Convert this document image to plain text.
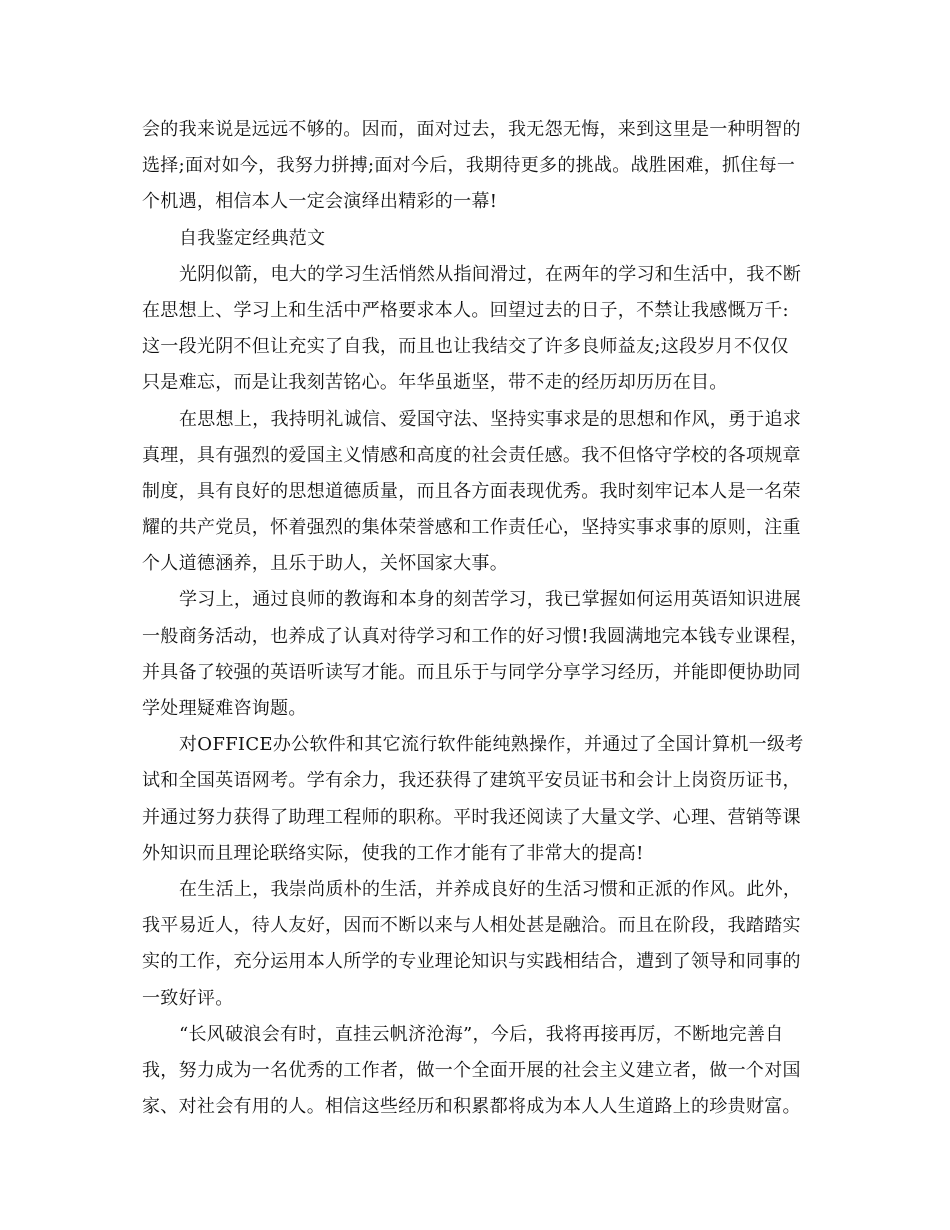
会的我来说是远远不够的。因而，面对过去，我无怨无悔，来到这里是一种明智的
选择;面对如今，我努力拼搏;面对今后，我期待更多的挑战。战胜困难，抓住每一
个机遇，相信本人一定会演绎出精彩的一幕!
自我鉴定经典范文
光阴似箭，电大的学习生活悄然从指间滑过，在两年的学习和生活中，我不断
在思想上、学习上和生活中严格要求本人。回望过去的日子，不禁让我感慨万千:
这一段光阴不但让充实了自我，而且也让我结交了许多良师益友;这段岁月不仅仅
只是难忘，而是让我刻苦铭心。年华虽逝坚，带不走的经历却历历在目。
在思想上，我持明礼诚信、爱国守法、坚持实事求是的思想和作风，勇于追求
真理，具有强烈的爱国主义情感和高度的社会责任感。我不但恪守学校的各项规章
制度，具有良好的思想道德质量，而且各方面表现优秀。我时刻牢记本人是一名荣
耀的共产党员，怀着强烈的集体荣誉感和工作责任心，坚持实事求事的原则，注重
个人道德涵养，且乐于助人，关怀国家大事。
学习上，通过良师的教诲和本身的刻苦学习，我已掌握如何运用英语知识进展
一般商务活动，也养成了认真对待学习和工作的好习惯!我圆满地完本钱专业课程，
并具备了较强的英语听读写才能。而且乐于与同学分享学习经历，并能即便协助同
学处理疑难咨询题。
对OFFICE办公软件和其它流行软件能纯熟操作，并通过了全国计算机一级考
试和全国英语网考。学有余力，我还获得了建筑平安员证书和会计上岗资历证书，
并通过努力获得了助理工程师的职称。平时我还阅读了大量文学、心理、营销等课
外知识而且理论联络实际，使我的工作才能有了非常大的提高!
在生活上，我崇尚质朴的生活，并养成良好的生活习惯和正派的作风。此外，
我平易近人，待人友好，因而不断以来与人相处甚是融洽。而且在阶段，我踏踏实
实的工作，充分运用本人所学的专业理论知识与实践相结合，遭到了领导和同事的
一致好评。
“长风破浪会有时，直挂云帆济沧海”，今后，我将再接再厉，不断地完善自
我，努力成为一名优秀的工作者，做一个全面开展的社会主义建立者，做一个对国
家、对社会有用的人。相信这些经历和积累都将成为本人人生道路上的珍贵财富。
